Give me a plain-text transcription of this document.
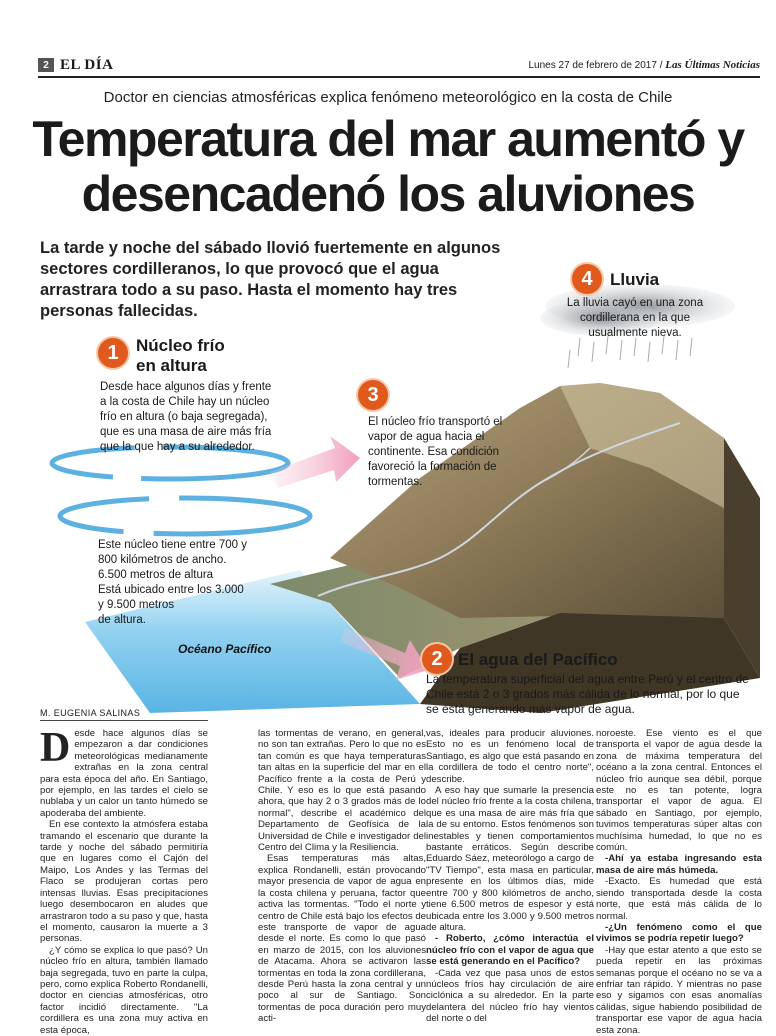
2 EL DÍA	Lunes 27 de febrero de 2017 / Las Últimas Noticias
Doctor en ciencias atmosféricas explica fenómeno meteorológico en la costa de Chile
Temperatura del mar aumentó y
desencadenó los aluviones
La tarde y noche del sábado llovió fuertemente en algunos sectores cordilleranos, lo que provocó que el agua arrastrara todo a su paso. Hasta el momento hay tres personas fallecidas.
4	Lluvia
La lluvia cayó en una zona cordillerana en la que usualmente nieva.
1	Núcleo frío
en altura
Desde hace algunos días y frente a la costa de Chile hay un núcleo frío en altura (o baja segregada), que es una masa de aire más fría que la que hay a su alrededor.
Este núcleo tiene entre 700 y
800 kilómetros de ancho.
6.500 metros de altura
Está ubicado entre los 3.000
y 9.500 metros
de altura.
3
El núcleo frío transportó el vapor de agua hacia el continente. Esa condición favoreció la formación de tormentas.
Océano Pacífico	2 El agua del Pacífico
La temperatura superficial del agua entre Perú y el centro de Chile está 2 o 3 grados más cálida de lo normal, por lo que se está generando más vapor de agua.
M. EUGENIA SALINAS

Desde hace algunos días se empezaron a dar condiciones meteorológicas medianamente extrañas en la zona central para esta época del año. En Santiago, por ejemplo, en las tardes el cielo se nublaba y un calor un tanto húmedo se apoderaba del ambiente.

En ese contexto la atmósfera estaba tramando el escenario que durante la tarde y noche del sábado permitiría que en lugares como el Cajón del Maipo, Los Andes y las Termas del Flaco se produjeran cortas pero intensas lluvias. Esas precipitaciones luego desembocaron en aludes que arrastraron todo a su paso y que, hasta el momento, causaron la muerte a 3 personas.

¿Y cómo se explica lo que pasó? Un núcleo frío en altura, también llamado baja segregada, tuvo en parte la culpa, pero, como explica Roberto Rondanelli, doctor en ciencias atmosféricas, otro factor incidió directamente. "La cordillera es una zona muy activa en esta época,

las tormentas de verano, en general, no son tan extrañas. Pero lo que no es tan común es que haya temperaturas tan altas en la superficie del mar en el Pacífico frente a la costa de Perú y Chile. Y eso es lo que está pasando ahora, que hay 2 o 3 grados más de lo normal", describe el académico del Departamento de Geofísica de la Universidad de Chile e investigador del Centro del Clima y la Resiliencia.

Esas temperaturas más altas, explica Rondanelli, están provocando mayor presencia de vapor de agua en la costa chilena y peruana, factor que activa las tormentas. "Todo el norte y centro de Chile está bajo los efectos de este transporte de vapor de agua desde el norte. Es como lo que pasó en marzo de 2015, con los aluviones de Atacama. Ahora se activaron las tormentas en toda la zona cordillerana, desde Perú hasta la zona central y un poco al sur de Santiago. Son tormentas de poca duración pero muy acti-

vas, ideales para producir aluviones. Esto no es un fenómeno local de Santiago, es algo que está pasando en la cordillera de todo el centro norte", describe.

A eso hay que sumarle la presencia del núcleo frío frente a la costa chilena, que es una masa de aire más fría que la de su entorno. Estos fenómenos son inestables y tienen comportamientos bastante erráticos. Según describe Eduardo Sáez, meteorólogo a cargo de "TV Tiempo", esta masa en particular, presente en los últimos días, mide entre 700 y 800 kilómetros de ancho, tiene 6.500 metros de espesor y está ubicada entre los 3.000 y 9.500 metros de altura.

- Roberto, ¿cómo interactúa el núcleo frío con el vapor de agua que se está generando en el Pacífico?

-Cada vez que pasa unos de estos núcleos fríos hay circulación de aire ciclónica a su alrededor. En la parte delantera del núcleo frío hay vientos del norte o del

noroeste. Ese viento es el que transporta el vapor de agua desde la zona de máxima temperatura del océano a la zona central. Entonces el núcleo frío aunque sea débil, porque este no es tan potente, logra transportar el vapor de agua. El sábado en Santiago, por ejemplo, tuvimos temperaturas súper altas con muchísima humedad, lo que no es común.

-Ahí ya estaba ingresando esta masa de aire más húmeda.

-Exacto. Es humedad que está siendo transportada desde la costa norte, que está más cálida de lo normal.

-¿Un fenómeno como el que vivimos se podría repetir luego?

-Hay que estar atento a que esto se pueda repetir en las próximas semanas porque el océano no se va a enfriar tan rápido. Y mientras no pase eso y sigamos con esas anomalías cálidas, sigue habiendo posibilidad de transportar ese vapor de agua hacia esta zona.
